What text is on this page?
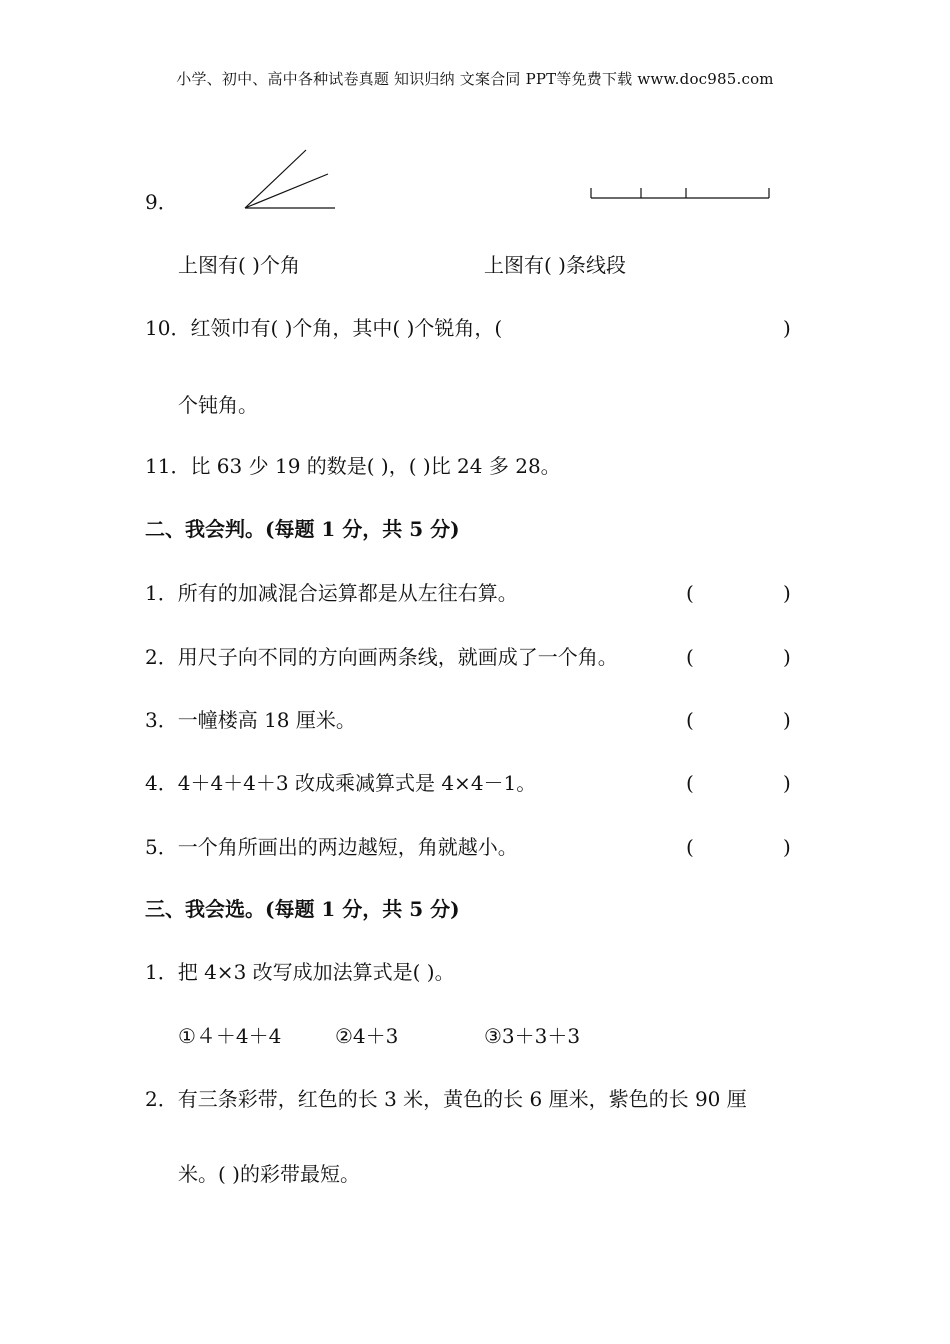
小学、初中、高中各种试卷真题 知识归纳 文案合同 PPT等免费下载 www.doc985.com
9．
上图有( )个角	上图有( )条线段
10．红领巾有( )个角，其中( )个锐角，(	)
个钝角。
11．比 63 少 19 的数是( )，( )比 24 多 28。
二、我会判。(每题 1 分，共 5 分)
1．所有的加减混合运算都是从左往右算。	(	)
2．用尺子向不同的方向画两条线，就画成了一个角。	(	)
3．一幢楼高 18 厘米。	(	)
4．4＋4＋4＋3 改成乘减算式是 4×4－1。	(	)
5．一个角所画出的两边越短，角就越小。	(	)
三、我会选。(每题 1 分，共 5 分)
1．把 4×3 改写成加法算式是( )。
①４＋4＋4	②4＋3	③3＋3＋3
2．有三条彩带，红色的长 3 米，黄色的长 6 厘米，紫色的长 90 厘
米。( )的彩带最短。
